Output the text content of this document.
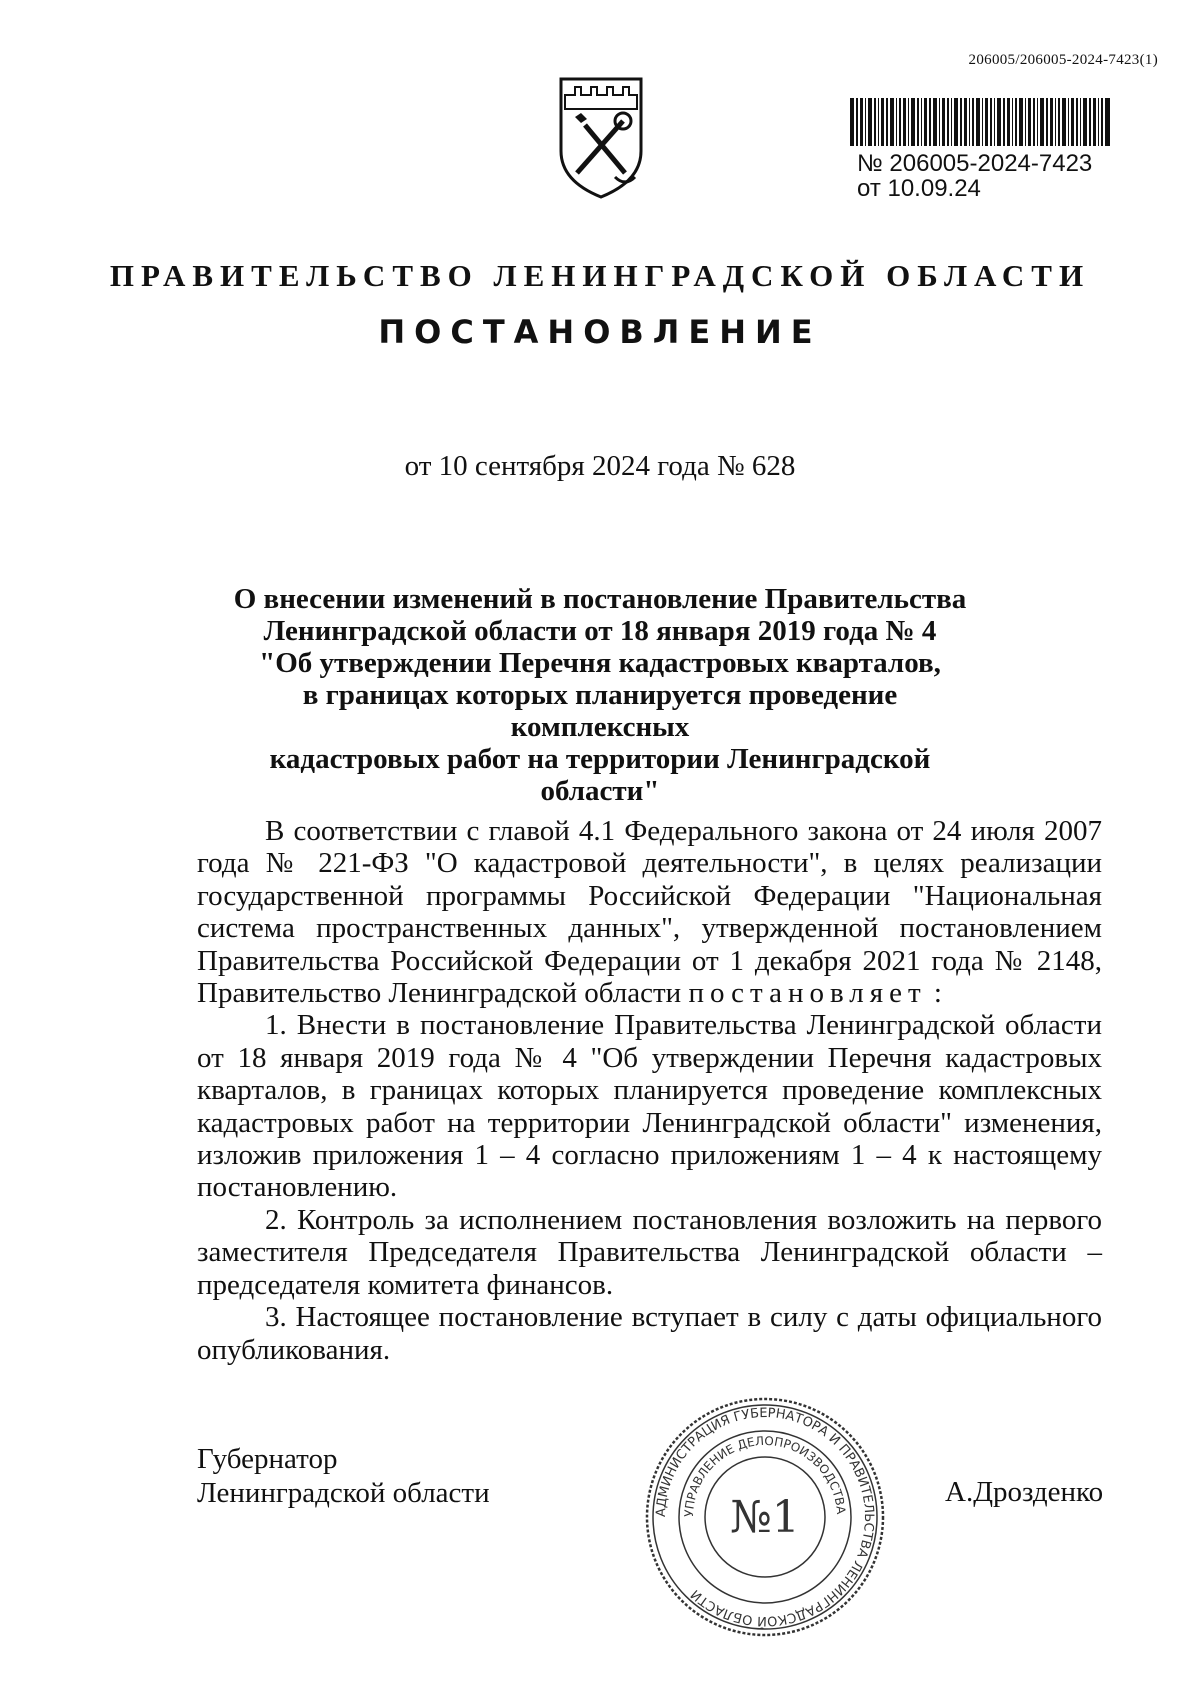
206005/206005-2024-7423(1)
№ 206005-2024-7423
от 10.09.24
ПРАВИТЕЛЬСТВО ЛЕНИНГРАДСКОЙ ОБЛАСТИ
ПОСТАНОВЛЕНИЕ
от 10 сентября 2024 года № 628
О внесении изменений в постановление Правительства
Ленинградской области от 18 января 2019 года № 4
"Об утверждении Перечня кадастровых кварталов,
в границах которых планируется проведение комплексных
кадастровых работ на территории Ленинградской области"

В соответствии с главой 4.1 Федерального закона от 24 июля 2007 года № 221-ФЗ "О кадастровой деятельности", в целях реализации государственной программы Российской Федерации "Национальная система пространственных данных", утвержденной постановлением Правительства Российской Федерации от 1 декабря 2021 года № 2148, Правительство Ленинградской области постановляет :

1. Внести в постановление Правительства Ленинградской области от 18 января 2019 года № 4 "Об утверждении Перечня кадастровых кварталов, в границах которых планируется проведение комплексных кадастровых работ на территории Ленинградской области" изменения, изложив приложения 1 – 4 согласно приложениям 1 – 4 к настоящему постановлению.

2. Контроль за исполнением постановления возложить на первого заместителя Председателя Правительства Ленинградской области – председателя комитета финансов.

3. Настоящее постановление вступает в силу с даты официального опубликования.

Губернатор
Ленинградской области	А.Дрозденко
АДМИНИСТРАЦИЯ ГУБЕРНАТОРА И ПРАВИТЕЛЬСТВА ЛЕНИНГРАДСКОЙ ОБЛАСТИ
УПРАВЛЕНИЕ ДЕЛОПРОИЗВОДСТВА
№1
